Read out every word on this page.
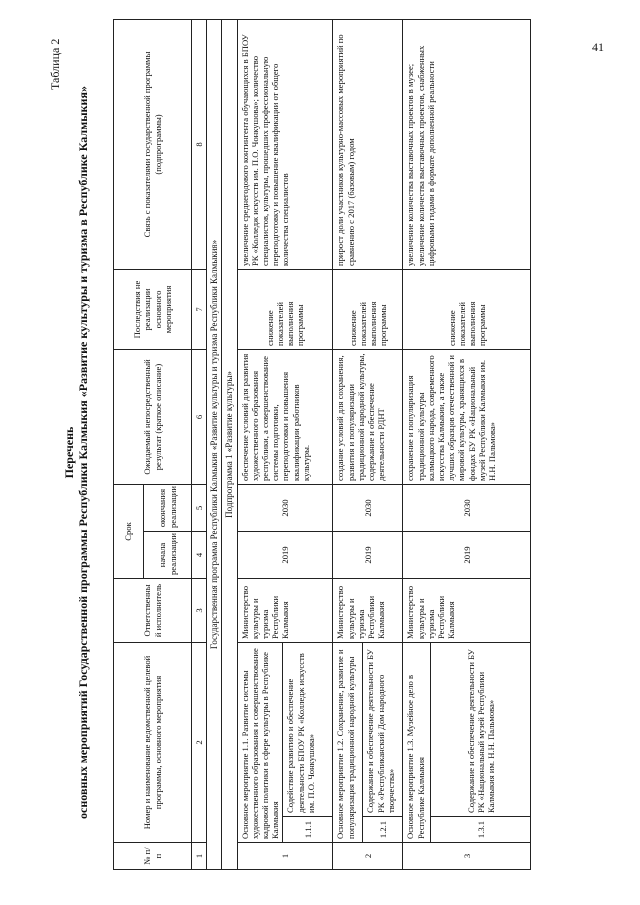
41
Таблица 2
Перечень основных мероприятий Государственной программы Республики Калмыкия «Развитие культуры и туризма в Республике Калмыкия»
№ п/п	Номер и наименование ведомственной целевой программы, основного мероприятия		Ответственны й исполнитель	Срок		Ожидаемый непосредственный результат (краткое описание)	Последствия не реализации основного мероприятия	Связь с показателями государственной программы (подпрограммы)
				начала реализации	окончания реализации			
1	2		3	4	5	6	7	8
Государственная программа Республики Калмыкия «Развитие культуры и туризма Республики Калмыкия»								
Подпрограмма 1 «Развитие культуры»								
1	Основное мероприятие 1.1. Развитие системы художественного образования и совершенствование кадровой политики в сфере культуры в Республике Калмыкия		Министерство культуры и туризма Республики Калмыкия	2019	2030	обеспечение условий для развития художественного образования республики, а совершенствование системы подготовки, переподготовки и повышения квалификации работников культуры.	снижение показателей выполнения программы	увеличение среднегодового контингента обучающихся в БПОУ РК «Колледж искусств им. П.О. Чонкушова»; количество специалистов, культуры, прошедших профессиональную переподготовку и повышение квалификации от общего количества специалистов
	1.1.1	Содействие развитию и обеспечение деятельности БПОУ РК «Колледж искусств им. П.О. Чонкушова»						
2	Основное мероприятие 1.2. Сохранение, развитие и популяризация традиционной народной культуры		Министерство культуры и туризма Республики Калмыкия	2019	2030	создание условий для сохранения, развития и популяризации традиционной народной культуры, содержание и обеспечение деятельности РДНТ	снижение показателей выполнения программы	прирост доли участников культурно-массовых мероприятий по сравнению с 2017 (базовым) годом
	1.2.1	Содержание и обеспечение деятельности БУ РК «Республиканский Дом народного творчества»						
3	Основное мероприятие 1.3. Музейное дело в Республике Калмыкия		Министерство культуры и туризма Республики Калмыкия	2019	2030	сохранение и популяризация традиционной культуры калмыцкого народа, современного искусства Калмыкии, а также лучших образцов отечественной и мировой культуры, хранящихся в фондах БУ РК «Национальный музей Республики Калмыкия им. Н.Н. Пальмова»	снижение показателей выполнения программы	увеличение количества выставочных проектов в музее; увеличение количества выставочных проектов, снабженных цифровыми гидами в формате дополненной реальности
	1.3.1	Содержание и обеспечение деятельности БУ РК «Национальный музей Республики Калмыкия им. Н.Н. Пальмова»						
